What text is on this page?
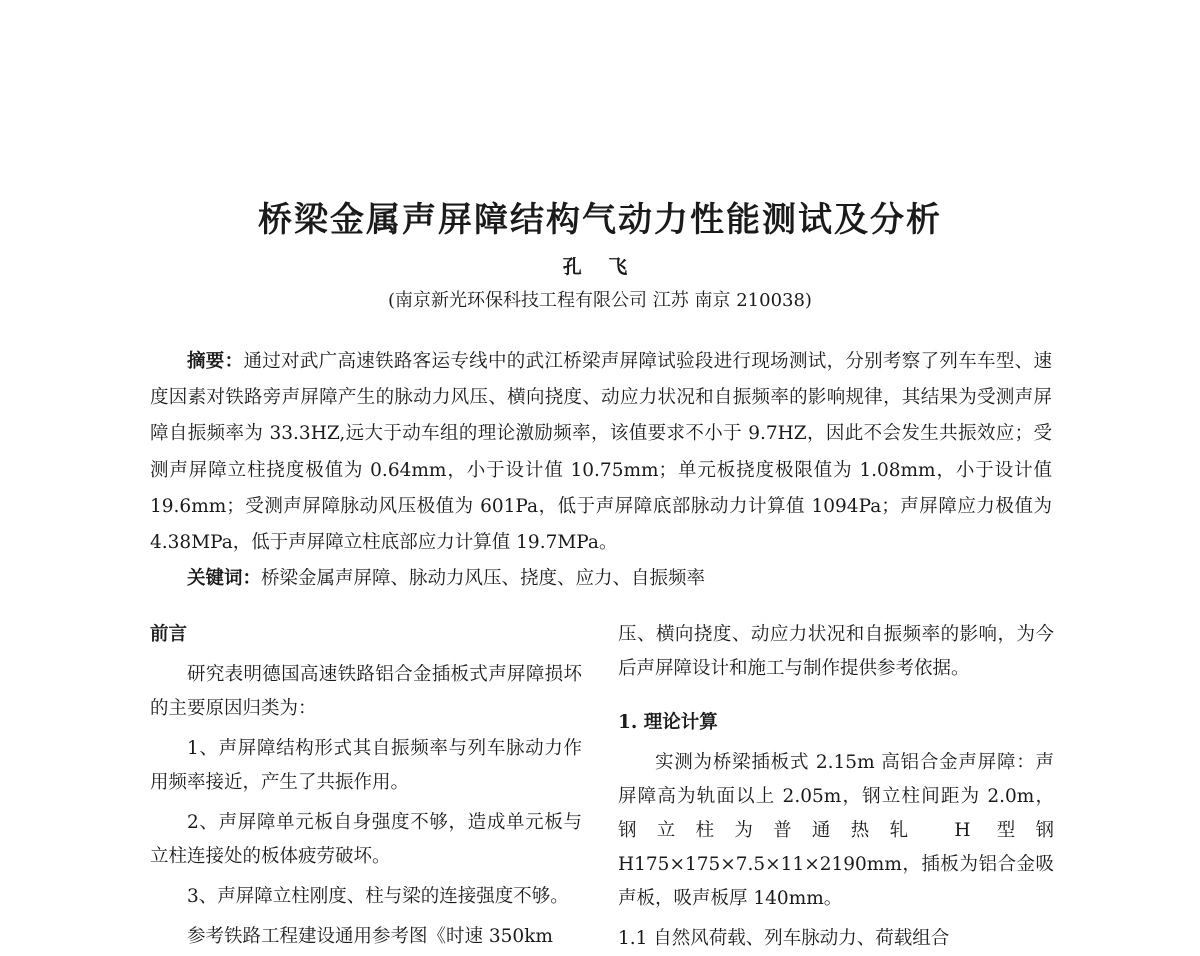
桥梁金属声屏障结构气动力性能测试及分析
孔 飞
(南京新光环保科技工程有限公司 江苏 南京 210038)

摘要：通过对武广高速铁路客运专线中的武江桥梁声屏障试验段进行现场测试，分别考察了列车车型、速度因素对铁路旁声屏障产生的脉动力风压、横向挠度、动应力状况和自振频率的影响规律，其结果为受测声屏障自振频率为 33.3HZ,远大于动车组的理论激励频率，该值要求不小于 9.7HZ，因此不会发生共振效应；受测声屏障立柱挠度极值为 0.64mm，小于设计值 10.75mm；单元板挠度极限值为 1.08mm，小于设计值 19.6mm；受测声屏障脉动风压极值为 601Pa，低于声屏障底部脉动力计算值 1094Pa；声屏障应力极值为 4.38MPa，低于声屏障立柱底部应力计算值 19.7MPa。

关键词：桥梁金属声屏障、脉动力风压、挠度、应力、自振频率

前言

研究表明德国高速铁路铝合金插板式声屏障损坏的主要原因归类为：

1、声屏障结构形式其自振频率与列车脉动力作用频率接近，产生了共振作用。

2、声屏障单元板自身强度不够，造成单元板与立柱连接处的板体疲劳破坏。

3、声屏障立柱刚度、柱与梁的连接强度不够。

参考铁路工程建设通用参考图《时速 350km

压、横向挠度、动应力状况和自振频率的影响，为今后声屏障设计和施工与制作提供参考依据。

1. 理论计算

实测为桥梁插板式 2.15m 高铝合金声屏障：声屏障高为轨面以上 2.05m，钢立柱间距为 2.0m， 钢立柱为普通热轧 H 型钢 H175×175×7.5×11×2190mm，插板为铝合金吸声板，吸声板厚 140mm。

1.1 自然风荷载、列车脉动力、荷载组合
